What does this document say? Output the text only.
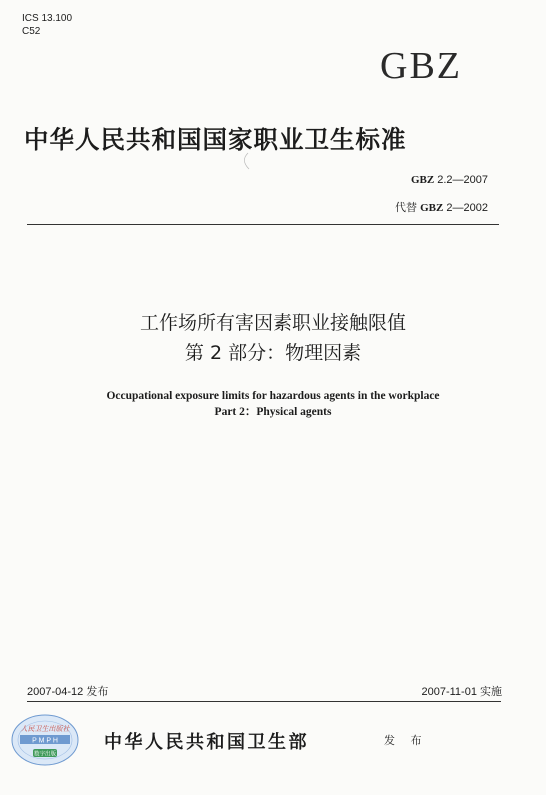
ICS 13.100
C52
GBZ
中华人民共和国国家职业卫生标准
GBZ 2.2—2007
代替 GBZ 2—2002
工作场所有害因素职业接触限值
第 2 部分：物理因素
Occupational exposure limits for hazardous agents in the workplace
Part 2：Physical agents
2007-04-12 发布	2007-11-01 实施
人民卫生出版社
P M P H
数字出版
中华人民共和国卫生部	发 布
